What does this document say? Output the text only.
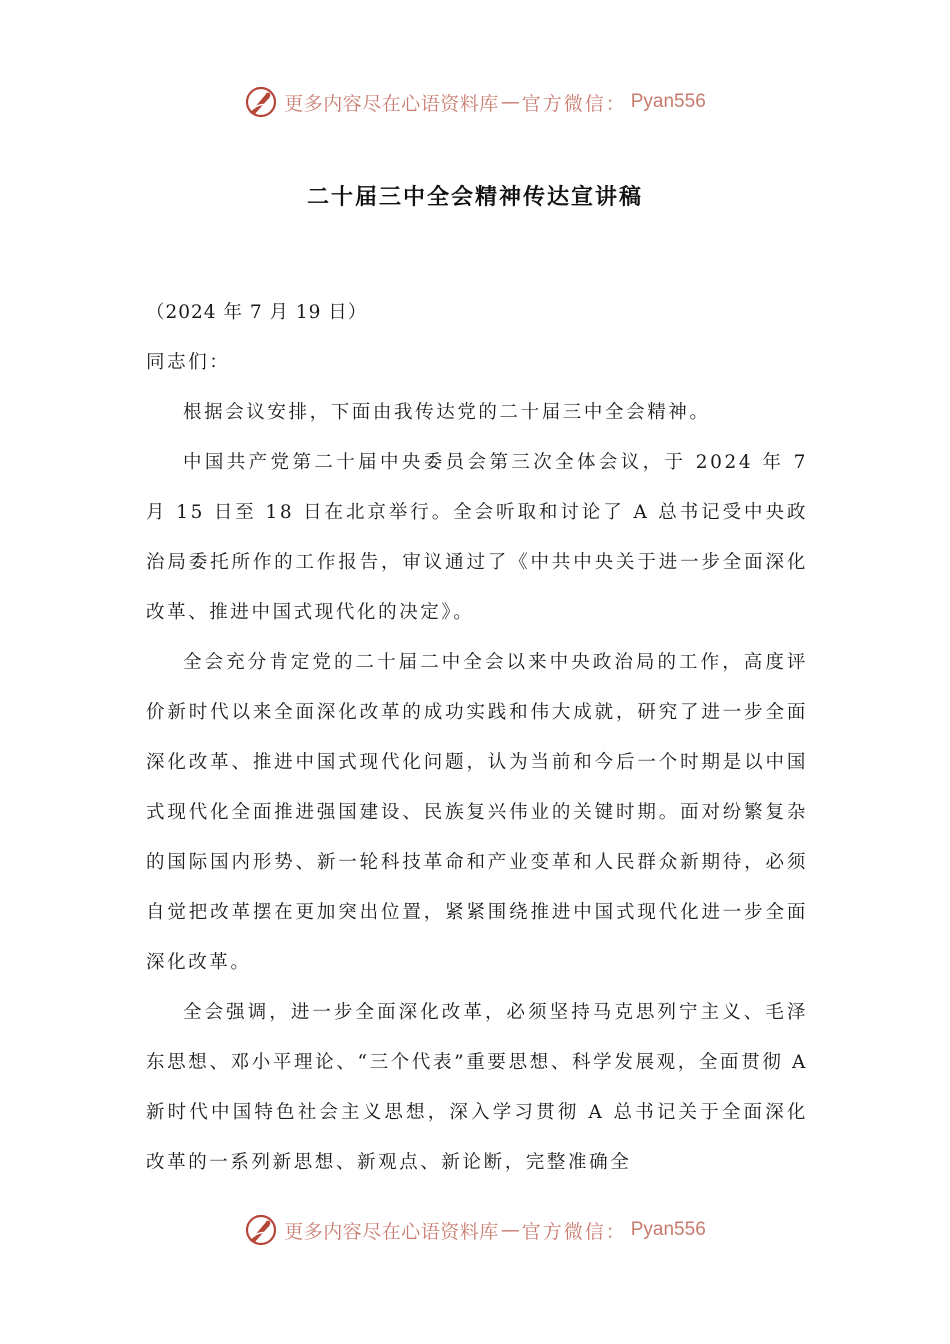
更多内容尽在心语资料库 — 官方微信： Pyan556
二十届三中全会精神传达宣讲稿

（2024 年 7 月 19 日）

同志们：

根据会议安排，下面由我传达党的二十届三中全会精神。

中国共产党第二十届中央委员会第三次全体会议，于 2024 年 7 月 15 日至 18 日在北京举行。全会听取和讨论了 A 总书记受中央政治局委托所作的工作报告，审议通过了《中共中央关于进一步全面深化改革、推进中国式现代化的决定》。

全会充分肯定党的二十届二中全会以来中央政治局的工作，高度评价新时代以来全面深化改革的成功实践和伟大成就，研究了进一步全面深化改革、推进中国式现代化问题，认为当前和今后一个时期是以中国式现代化全面推进强国建设、民族复兴伟业的关键时期。面对纷繁复杂的国际国内形势、新一轮科技革命和产业变革和人民群众新期待，必须自觉把改革摆在更加突出位置，紧紧围绕推进中国式现代化进一步全面深化改革。

全会强调，进一步全面深化改革，必须坚持马克思列宁主义、毛泽东思想、邓小平理论、“三个代表”重要思想、科学发展观，全面贯彻 A 新时代中国特色社会主义思想，深入学习贯彻 A 总书记关于全面深化改革的一系列新思想、新观点、新论断，完整准确全

更多内容尽在心语资料库 — 官方微信： Pyan556
